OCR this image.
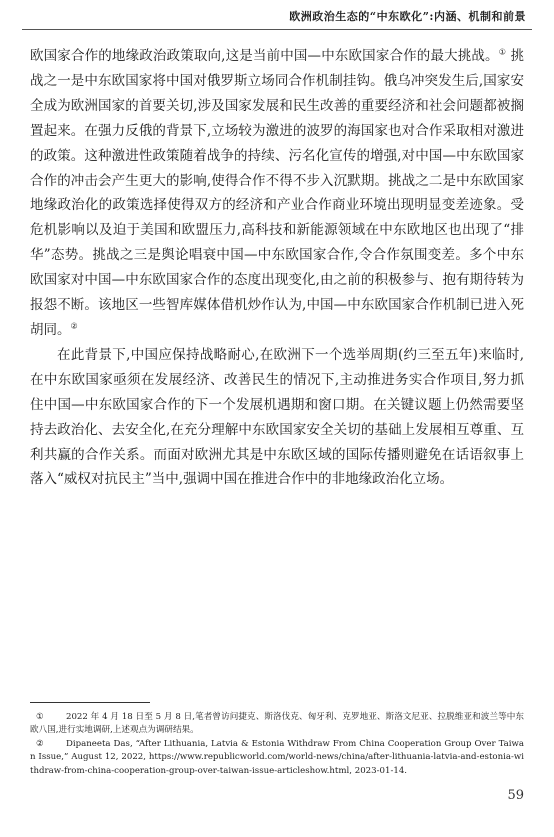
欧洲政治生态的“中东欧化”:内涵、机制和前景

欧国家合作的地缘政治政策取向,这是当前中国—中东欧国家合作的最大挑战。① 挑战之一是中东欧国家将中国对俄罗斯立场同合作机制挂钩。俄乌冲突发生后,国家安全成为欧洲国家的首要关切,涉及国家发展和民生改善的重要经济和社会问题都被搁置起来。在强力反俄的背景下,立场较为激进的波罗的海国家也对合作采取相对激进的政策。这种激进性政策随着战争的持续、污名化宣传的增强,对中国—中东欧国家合作的冲击会产生更大的影响,使得合作不得不步入沉默期。挑战之二是中东欧国家地缘政治化的政策选择使得双方的经济和产业合作商业环境出现明显变差迹象。受危机影响以及迫于美国和欧盟压力,高科技和新能源领域在中东欧地区也出现了“排华”态势。挑战之三是舆论唱衰中国—中东欧国家合作,令合作氛围变差。多个中东欧国家对中国—中东欧国家合作的态度出现变化,由之前的积极参与、抱有期待转为报怨不断。该地区一些智库媒体借机炒作认为,中国—中东欧国家合作机制已进入死胡同。②

在此背景下,中国应保持战略耐心,在欧洲下一个选举周期(约三至五年)来临时,在中东欧国家亟须在发展经济、改善民生的情况下,主动推进务实合作项目,努力抓住中国—中东欧国家合作的下一个发展机遇期和窗口期。在关键议题上仍然需要坚持去政治化、去安全化,在充分理解中东欧国家安全关切的基础上发展相互尊重、互利共赢的合作关系。而面对欧洲尤其是中东欧区域的国际传播则避免在话语叙事上落入“威权对抗民主”当中,强调中国在推进合作中的非地缘政治化立场。

①	2022 年 4 月 18 日至 5 月 8 日,笔者曾访问捷克、斯洛伐克、匈牙利、克罗地亚、斯洛文尼亚、拉脱维亚和波兰等中东欧八国,进行实地调研,上述观点为调研结果。

②	Dipaneeta Das, “After Lithuania, Latvia & Estonia Withdraw From China Cooperation Group Over Taiwan Issue,” August 12, 2022, https://www.republicworld.com/world-news/china/after-lithuania-latvia-and-estonia-withdraw-from-china-cooperation-group-over-taiwan-issue-articleshow.html, 2023-01-14.

59
